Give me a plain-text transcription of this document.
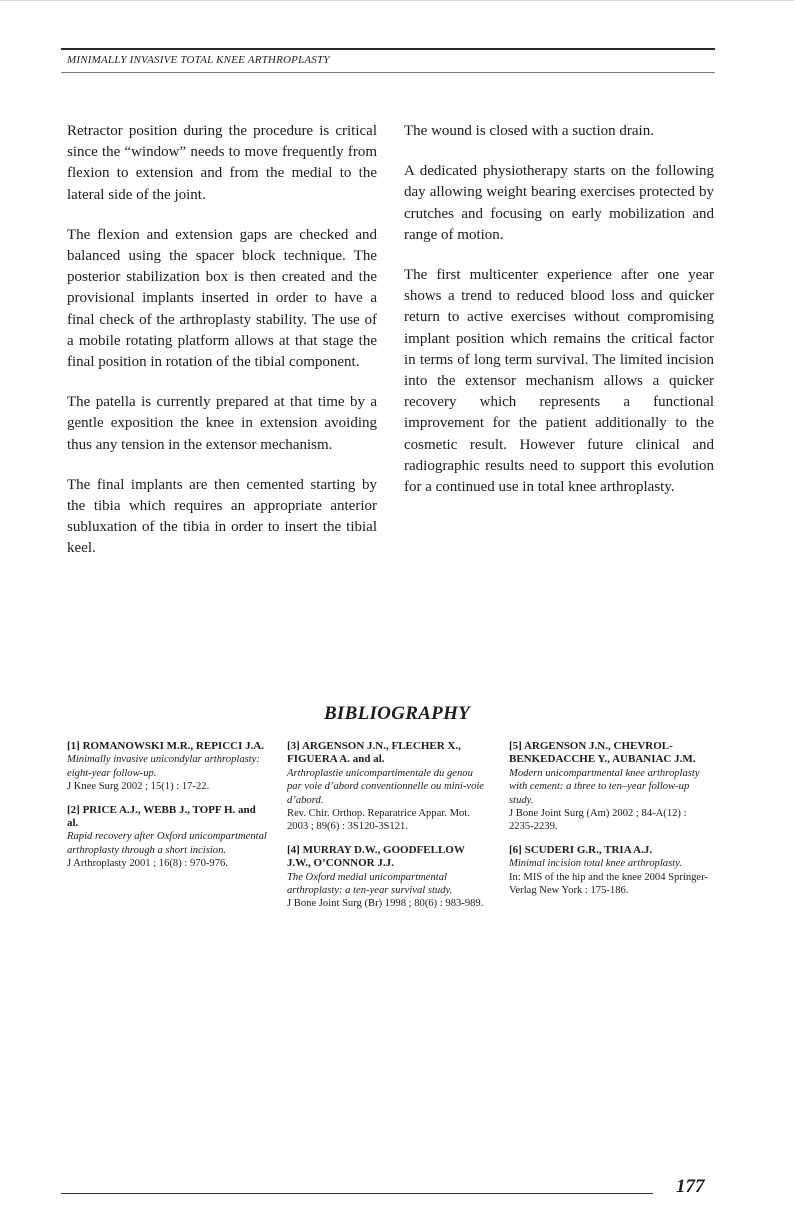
MINIMALLY INVASIVE TOTAL KNEE ARTHROPLASTY

Retractor position during the procedure is critical since the “window” needs to move frequently from flexion to extension and from the medial to the lateral side of the joint.

The flexion and extension gaps are checked and balanced using the spacer block technique. The posterior stabilization box is then created and the provisional implants inserted in order to have a final check of the arthroplasty stability. The use of a mobile rotating platform allows at that stage the final position in rotation of the tibial component.

The patella is currently prepared at that time by a gentle exposition the knee in extension avoiding thus any tension in the extensor mechanism.

The final implants are then cemented starting by the tibia which requires an appropriate anterior subluxation of the tibia in order to insert the tibial keel.

The wound is closed with a suction drain.

A dedicated physiotherapy starts on the following day allowing weight bearing exercises protected by crutches and focusing on early mobilization and range of motion.

The first multicenter experience after one year shows a trend to reduced blood loss and quicker return to active exercises without compromising implant position which remains the critical factor in terms of long term survival. The limited incision into the extensor mechanism allows a quicker recovery which represents a functional improvement for the patient additionally to the cosmetic result. However future clinical and radiographic results need to support this evolution for a continued use in total knee arthroplasty.

BIBLIOGRAPHY
[1] ROMANOWSKI M.R., REPICCI J.A.
Minimally invasive unicondylar arthroplasty: eight-year follow-up.
J Knee Surg 2002 ; 15(1) : 17-22.
[2] PRICE A.J., WEBB J., TOPF H. and al.
Rapid recovery after Oxford unicompartmental arthroplasty through a short incision.
J Arthroplasty 2001 ; 16(8) : 970-976.
[3] ARGENSON J.N., FLECHER X., FIGUERA A. and al.
Arthroplastie unicompartimentale du genou par voie d’abord conventionnelle ou mini-voie d’abord.
Rev. Chir. Orthop. Reparatrice Appar. Mot. 2003 ; 89(6) : 3S120-3S121.
[4] MURRAY D.W., GOODFELLOW J.W., O’CONNOR J.J.
The Oxford medial unicompartmental arthroplasty: a ten-year survival study.
J Bone Joint Surg (Br) 1998 ; 80(6) : 983-989.
[5] ARGENSON J.N., CHEVROL-BENKEDACCHE Y., AUBANIAC J.M.
Modern unicompartmental knee arthroplasty with cement: a three to ten–year follow-up study.
J Bone Joint Surg (Am) 2002 ; 84-A(12) : 2235-2239.
[6] SCUDERI G.R., TRIA A.J.
Minimal incision total knee arthroplasty.
In: MIS of the hip and the knee 2004 Springer-Verlag New York : 175-186.
177
